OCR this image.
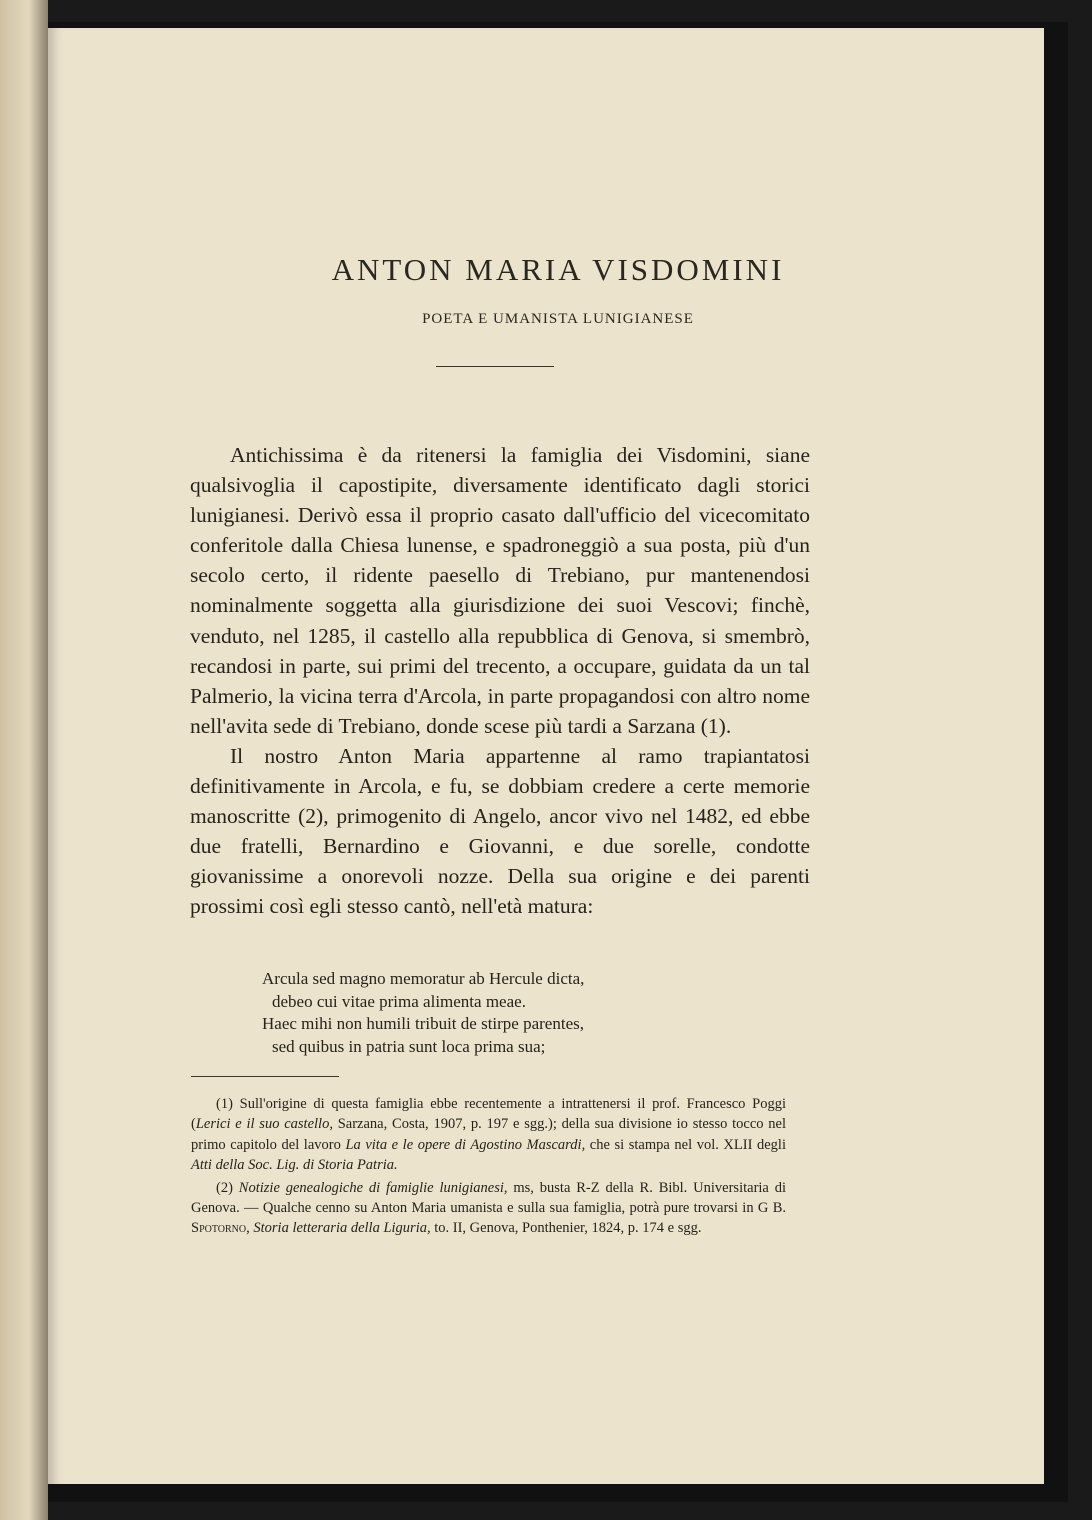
ANTON MARIA VISDOMINI
POETA E UMANISTA LUNIGIANESE

Antichissima è da ritenersi la famiglia dei Visdomini, siane qualsivoglia il capostipite, diversamente identificato dagli storici lunigianesi. Derivò essa il proprio casato dall'ufficio del vicecomitato conferitole dalla Chiesa lunense, e spadroneggiò a sua posta, più d'un secolo certo, il ridente paesello di Trebiano, pur mantenendosi nominalmente soggetta alla giurisdizione dei suoi Vescovi; finchè, venduto, nel 1285, il castello alla repubblica di Genova, si smembrò, recandosi in parte, sui primi del trecento, a occupare, guidata da un tal Palmerio, la vicina terra d'Arcola, in parte propagandosi con altro nome nell'avita sede di Trebiano, donde scese più tardi a Sarzana (1).

Il nostro Anton Maria appartenne al ramo trapiantatosi definitivamente in Arcola, e fu, se dobbiam credere a certe memorie manoscritte (2), primogenito di Angelo, ancor vivo nel 1482, ed ebbe due fratelli, Bernardino e Giovanni, e due sorelle, condotte giovanissime a onorevoli nozze. Della sua origine e dei parenti prossimi così egli stesso cantò, nell'età matura:

Arcula sed magno memoratur ab Hercule dicta,
debeo cui vitae prima alimenta meae.
Haec mihi non humili tribuit de stirpe parentes,
sed quibus in patria sunt loca prima sua;

(1) Sull'origine di questa famiglia ebbe recentemente a intrattenersi il prof. Francesco Poggi (Lerici e il suo castello, Sarzana, Costa, 1907, p. 197 e sgg.); della sua divisione io stesso tocco nel primo capitolo del lavoro La vita e le opere di Agostino Mascardi, che si stampa nel vol. XLII degli Atti della Soc. Lig. di Storia Patria.

(2) Notizie genealogiche di famiglie lunigianesi, ms, busta R-Z della R. Bibl. Universitaria di Genova. — Qualche cenno su Anton Maria umanista e sulla sua famiglia, potrà pure trovarsi in G B. Spotorno, Storia letteraria della Liguria, to. II, Genova, Ponthenier, 1824, p. 174 e sgg.
